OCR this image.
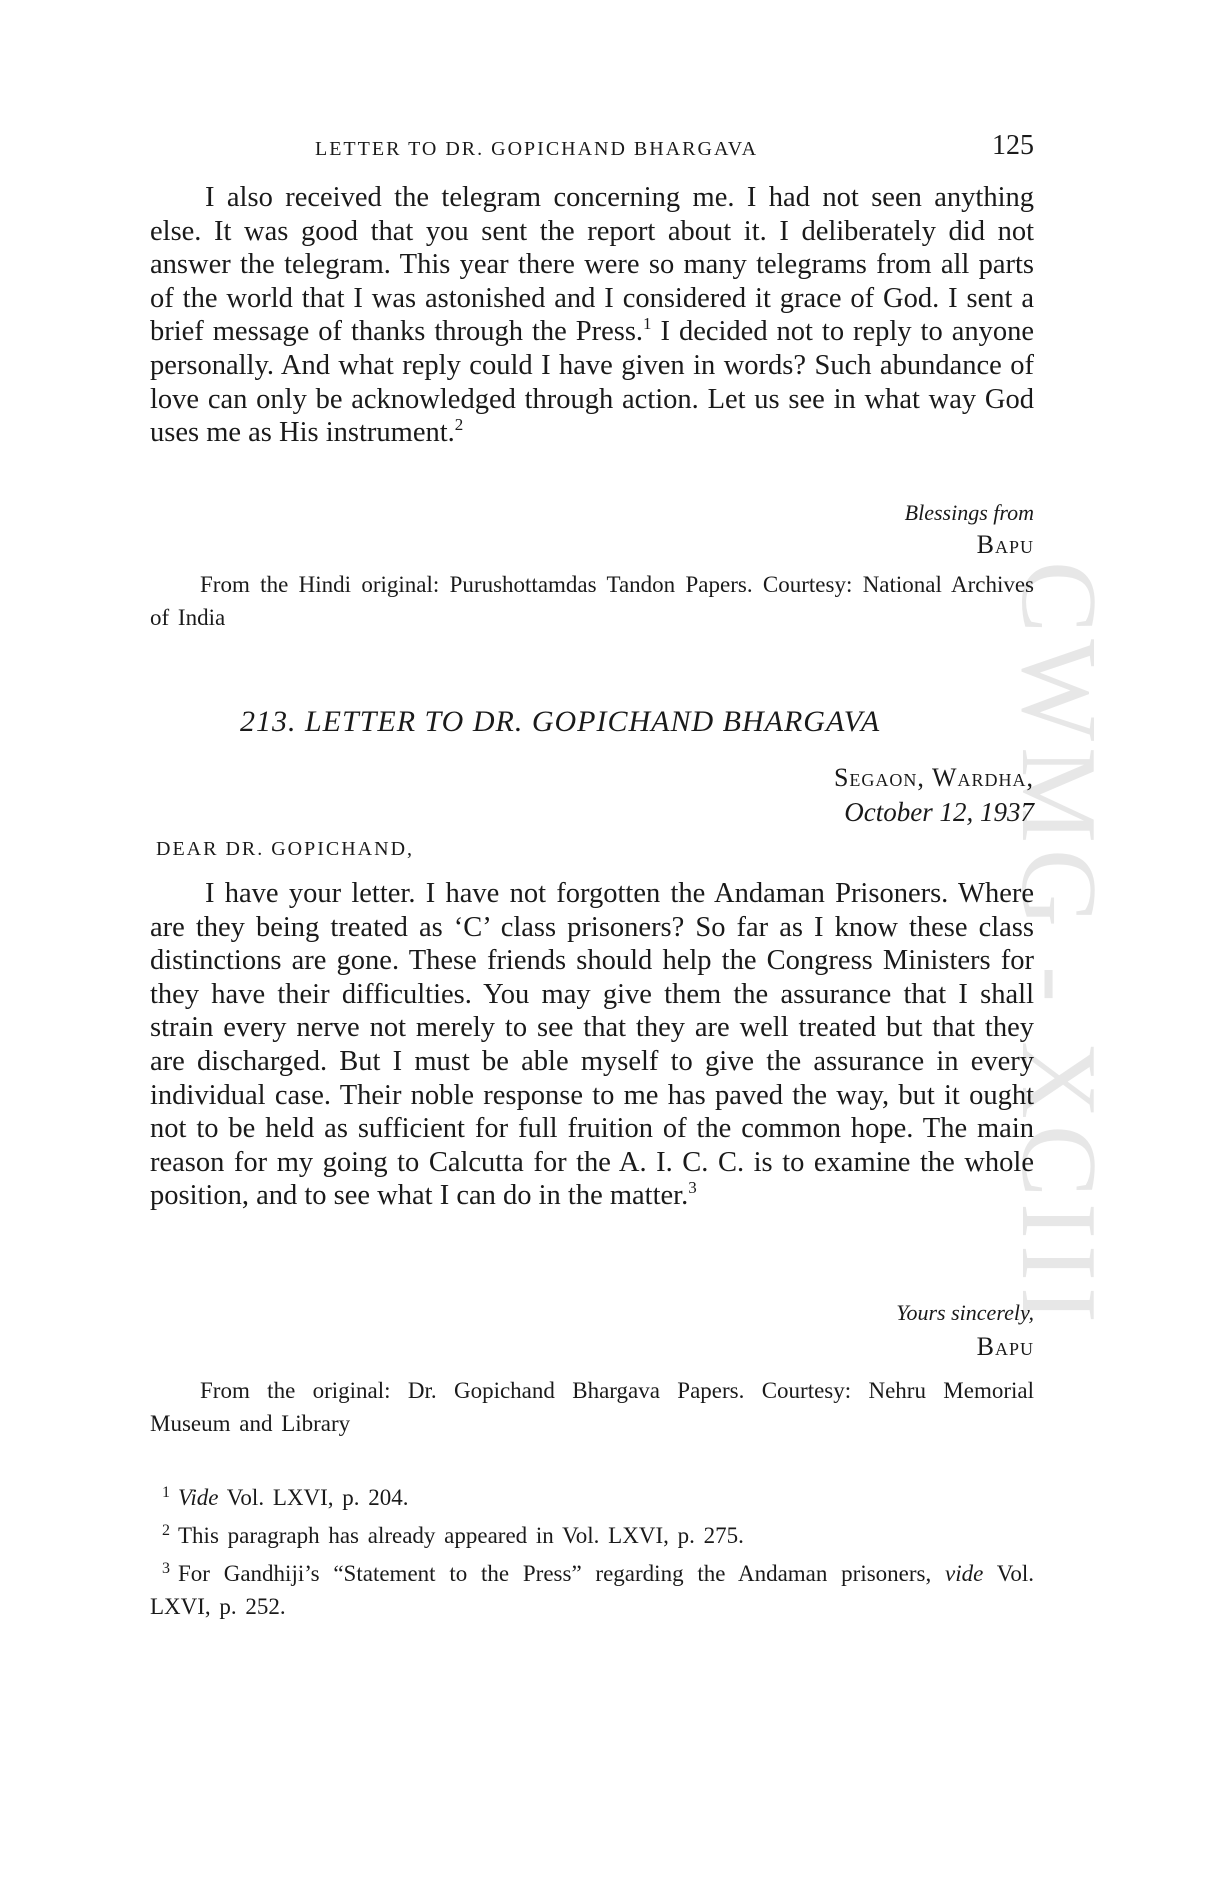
LETTER TO DR. GOPICHAND BHARGAVA	125

I also received the telegram concerning me. I had not seen anything else. It was good that you sent the report about it. I deliberately did not answer the telegram. This year there were so many telegrams from all parts of the world that I was astonished and I considered it grace of God. I sent a brief message of thanks through the Press.$^1$ I decided not to reply to anyone personally. And what reply could I have given in words? Such abundance of love can only be acknowledged through action. Let us see in what way God uses me as His instrument.$^2$

Blessings from
Bapu

From the Hindi original: Purushottamdas Tandon Papers. Courtesy: National Archives of India

213. LETTER TO DR. GOPICHAND BHARGAVA
Segaon, Wardha,
October 12, 1937
DEAR DR. GOPICHAND,

I have your letter. I have not forgotten the Andaman Prisoners. Where are they being treated as ‘C’ class prisoners? So far as I know these class distinctions are gone. These friends should help the Congress Ministers for they have their difficulties. You may give them the assurance that I shall strain every nerve not merely to see that they are well treated but that they are discharged. But I must be able myself to give the assurance in every individual case. Their noble response to me has paved the way, but it ought not to be held as sufficient for full fruition of the common hope. The main reason for my going to Calcutta for the A. I. C. C. is to examine the whole position, and to see what I can do in the matter.$^3$

Yours sincerely,
Bapu

From the original: Dr. Gopichand Bhargava Papers. Courtesy: Nehru Memorial Museum and Library

$^1$ Vide Vol. LXVI, p. 204.

$^2$ This paragraph has already appeared in Vol. LXVI, p. 275.

$^3$ For Gandhiji’s “Statement to the Press” regarding the Andaman prisoners, vide Vol. LXVI, p. 252.

CWMG - XCIII
